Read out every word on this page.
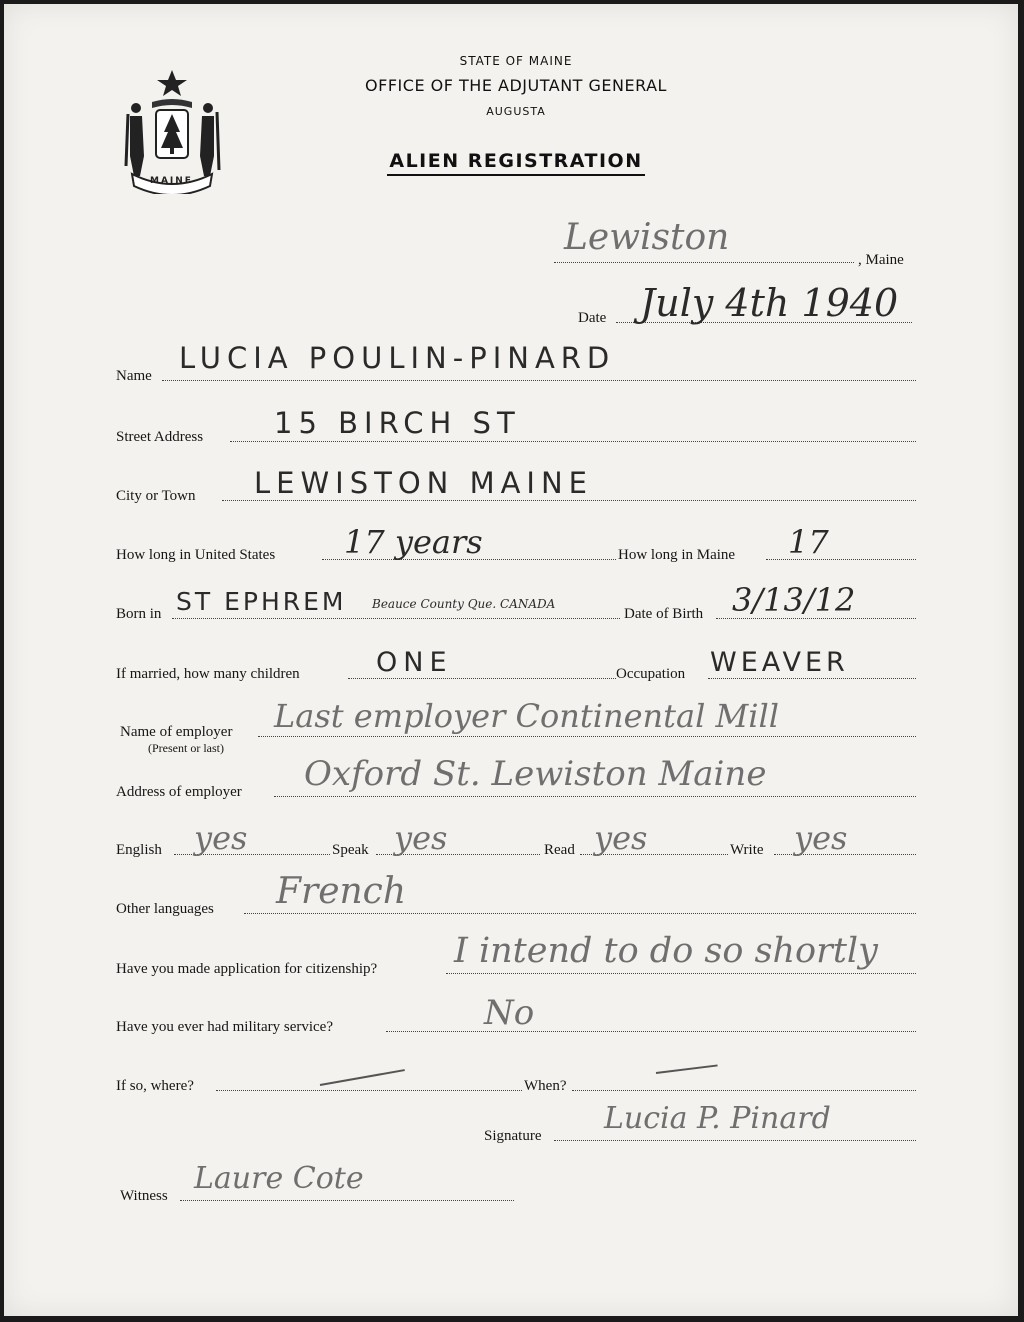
MAINE
STATE OF MAINE
OFFICE OF THE ADJUTANT GENERAL
AUGUSTA
ALIEN REGISTRATION
Lewiston
, Maine
Date July 4th 1940
Name
LUCIA POULIN-PINARD
Street Address 15 BIRCH ST
City or Town LEWISTON MAINE
How long in United States 17 years	How long in Maine 17
Born in ST EPHREM Beauce County Que. CANADA
Date of Birth 3/13/12
If married, how many children	ONE	Occupation WEAVER
Name of employer
(Present or last)
Last employer Continental Mill
Address of employer Oxford St. Lewiston Maine
English yes	Speak yes	Read yes	Write yes
Other languages French
Have you made application for citizenship? I intend to do so shortly
Have you ever had military service?	No
If so, where?	When?
Signature Lucia P. Pinard
Witness Laure Cote
